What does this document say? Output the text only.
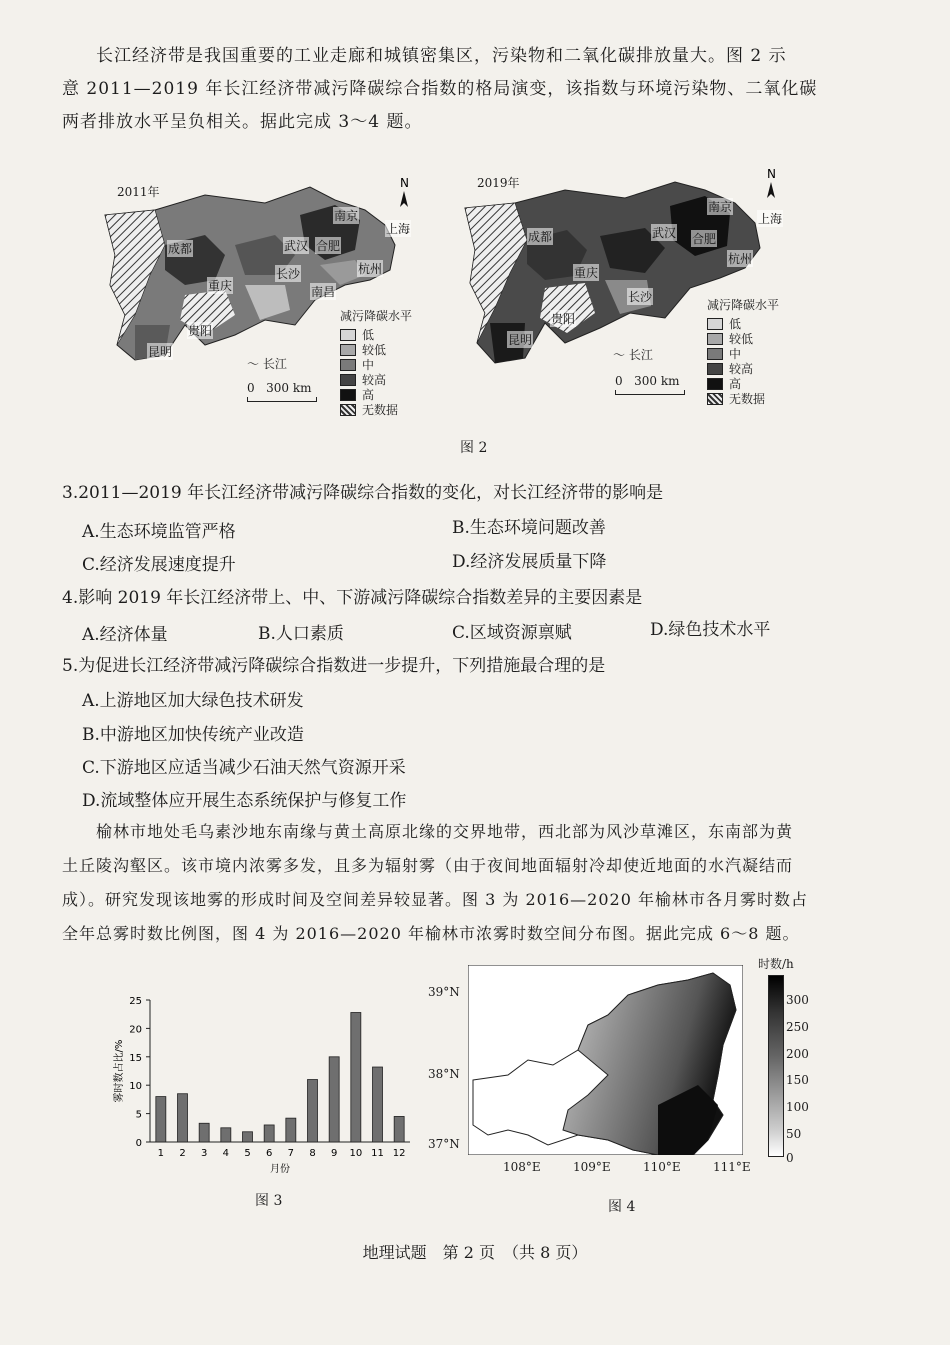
长江经济带是我国重要的工业走廊和城镇密集区，污染物和二氧化碳排放量大。图 2 示
意 2011—2019 年长江经济带减污降碳综合指数的格局演变，该指数与环境污染物、二氧化碳
两者排放水平呈负相关。据此完成 3～4 题。
2011年
N
成都
重庆
贵阳
昆明
武汉
长沙
南昌
合肥
南京
杭州
上海
〜 长江
0 300 km
减污降碳水平
低
较低
中
较高
高
无数据
2019年
N
成都
重庆
贵阳
昆明
武汉
长沙
合肥
南京
杭州
上海
〜 长江
0 300 km
减污降碳水平
低
较低
中
较高
高
无数据
图 2
3.2011—2019 年长江经济带减污降碳综合指数的变化，对长江经济带的影响是
A.生态环境监管严格	B.生态环境问题改善
C.经济发展速度提升	D.经济发展质量下降
4.影响 2019 年长江经济带上、中、下游减污降碳综合指数差异的主要因素是
A.经济体量	B.人口素质	C.区域资源禀赋	D.绿色技术水平
5.为促进长江经济带减污降碳综合指数进一步提升，下列措施最合理的是
A.上游地区加大绿色技术研发
B.中游地区加快传统产业改造
C.下游地区应适当减少石油天然气资源开采
D.流域整体应开展生态系统保护与修复工作
榆林市地处毛乌素沙地东南缘与黄土高原北缘的交界地带，西北部为风沙草滩区，东南部为黄
土丘陵沟壑区。该市境内浓雾多发，且多为辐射雾（由于夜间地面辐射冷却使近地面的水汽凝结而
成）。研究发现该地雾的形成时间及空间差异较显著。图 3 为 2016—2020 年榆林市各月雾时数占
全年总雾时数比例图，图 4 为 2016—2020 年榆林市浓雾时数空间分布图。据此完成 6～8 题。
0
5
10
15
20
25
1 2 3 4 5 6 7 8 9 10 11 12
月份
雾时数占比/%
图 3
39°N
38°N
37°N
108°E	109°E	110°E	111°E
时数/h
300
250
200
150
100
50
0
图 4
地理试题　第 2 页　（共 8 页）
